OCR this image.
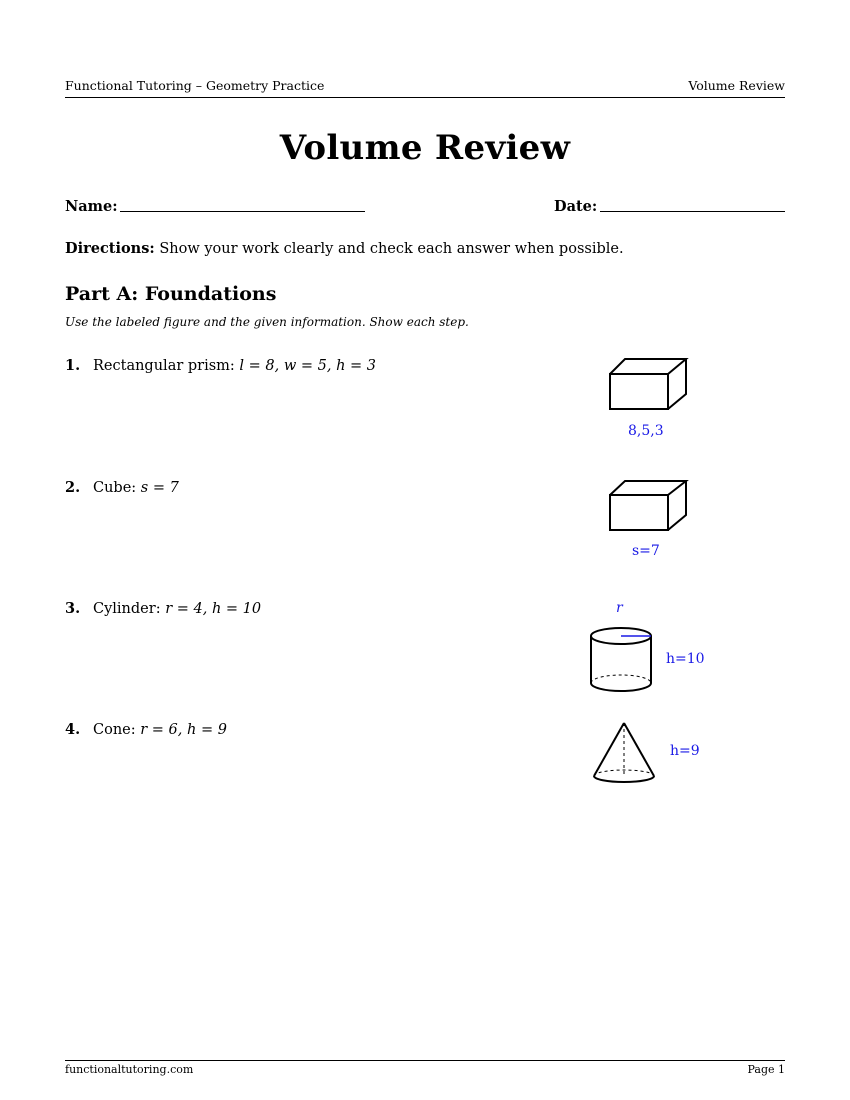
Functional Tutoring – Geometry Practice	Volume Review
Volume Review
Name:	Date:
Directions: Show your work clearly and check each answer when possible.
Part A: Foundations
Use the labeled figure and the given information. Show each step.
1. Rectangular prism: l = 8, w = 5, h = 3
8,5,3
2. Cube: s = 7
s=7
3. Cylinder: r = 4, h = 10	r
h=10
4. Cone: r = 6, h = 9
h=9
functionaltutoring.com	Page 1
